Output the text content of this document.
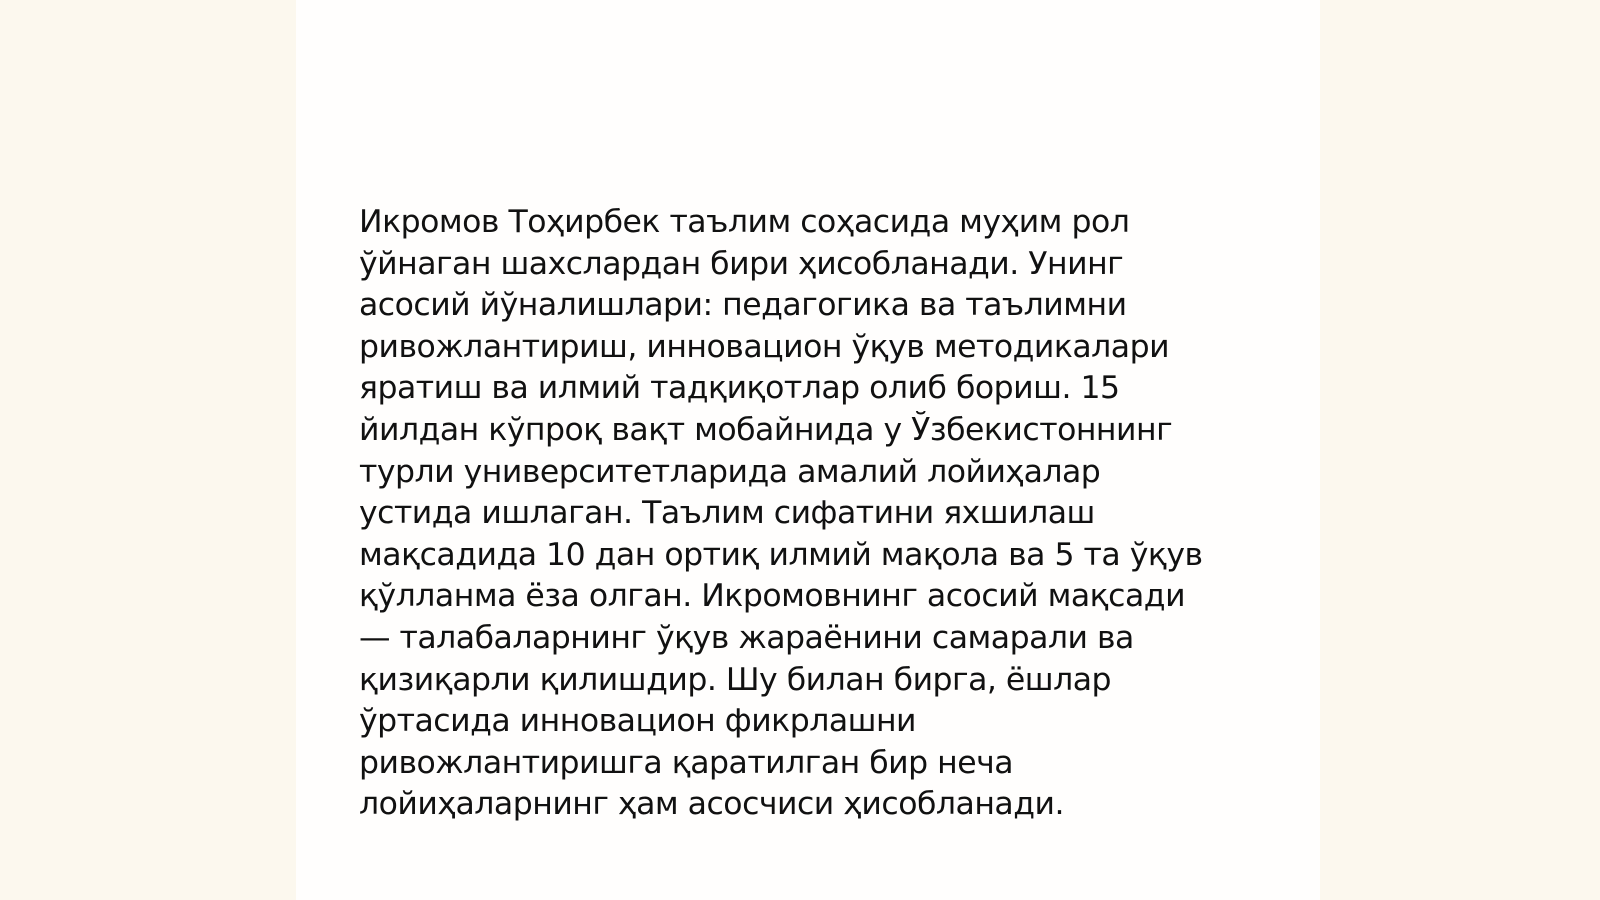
Икромов Тоҳирбек таълим соҳасида муҳим рол
ўйнаган шахслардан бири ҳисобланади. Унинг
асосий йўналишлари: педагогика ва таълимни
ривожлантириш, инновацион ўқув методикалари
яратиш ва илмий тадқиқотлар олиб бориш. 15
йилдан кўпроқ вақт мобайнида у Ўзбекистоннинг
турли университетларида амалий лойиҳалар
устида ишлаган. Таълим сифатини яхшилаш
мақсадида 10 дан ортиқ илмий мақола ва 5 та ўқув
қўлланма ёза олган. Икромовнинг асосий мақсади
— талабаларнинг ўқув жараёнини самарали ва
қизиқарли қилишдир. Шу билан бирга, ёшлар
ўртасида инновацион фикрлашни
ривожлантиришга қаратилган бир неча
лойиҳаларнинг ҳам асосчиси ҳисобланади.
